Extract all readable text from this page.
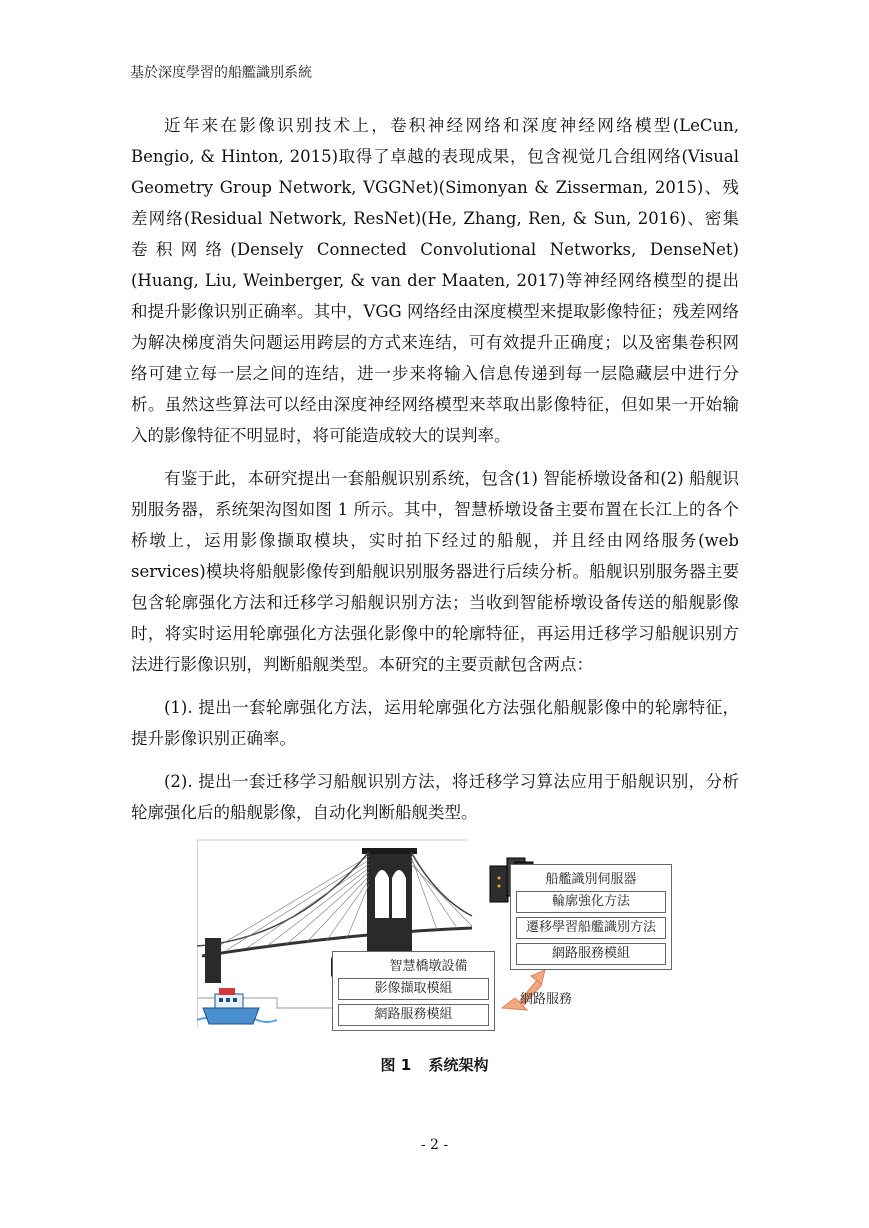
基於深度學習的船艦識別系統

近年来在影像识别技术上，卷积神经网络和深度神经网络模型(LeCun, Bengio, & Hinton, 2015)取得了卓越的表现成果，包含视觉几合组网络(Visual Geometry Group Network, VGGNet)(Simonyan & Zisserman, 2015)、残差网络(Residual Network, ResNet)(He, Zhang, Ren, & Sun, 2016)、密集卷积网络(Densely Connected Convolutional Networks, DenseNet)(Huang, Liu, Weinberger, & van der Maaten, 2017)等神经网络模型的提出和提升影像识别正确率。其中，VGG 网络经由深度模型来提取影像特征；残差网络为解决梯度消失问题运用跨层的方式来连结，可有效提升正确度；以及密集卷积网络可建立每一层之间的连结，进一步来将输入信息传递到每一层隐藏层中进行分析。虽然这些算法可以经由深度神经网络模型来萃取出影像特征，但如果一开始输入的影像特征不明显时，将可能造成较大的误判率。

有鉴于此，本研究提出一套船舰识别系统，包含(1) 智能桥墩设备和(2) 船舰识别服务器，系统架沟图如图 1 所示。其中，智慧桥墩设备主要布置在长江上的各个桥墩上，运用影像撷取模块，实时拍下经过的船舰，并且经由网络服务(web services)模块将船舰影像传到船舰识别服务器进行后续分析。船舰识别服务器主要包含轮廓强化方法和迁移学习船舰识别方法；当收到智能桥墩设备传送的船舰影像时，将实时运用轮廓强化方法强化影像中的轮廓特征，再运用迁移学习船舰识别方法进行影像识别，判断船舰类型。本研究的主要贡献包含两点：

(1). 提出一套轮廓强化方法，运用轮廓强化方法强化船舰影像中的轮廓特征，提升影像识别正确率。

(2). 提出一套迁移学习船舰识别方法，将迁移学习算法应用于船舰识别，分析轮廓强化后的船舰影像，自动化判断船舰类型。

船艦識別伺服器
輪廓強化方法
遷移學習船艦識別方法
網路服務模組
智慧橋墩設備
影像擷取模組
網路服務模組
網路服務
图 1 系统架构
- 2 -
